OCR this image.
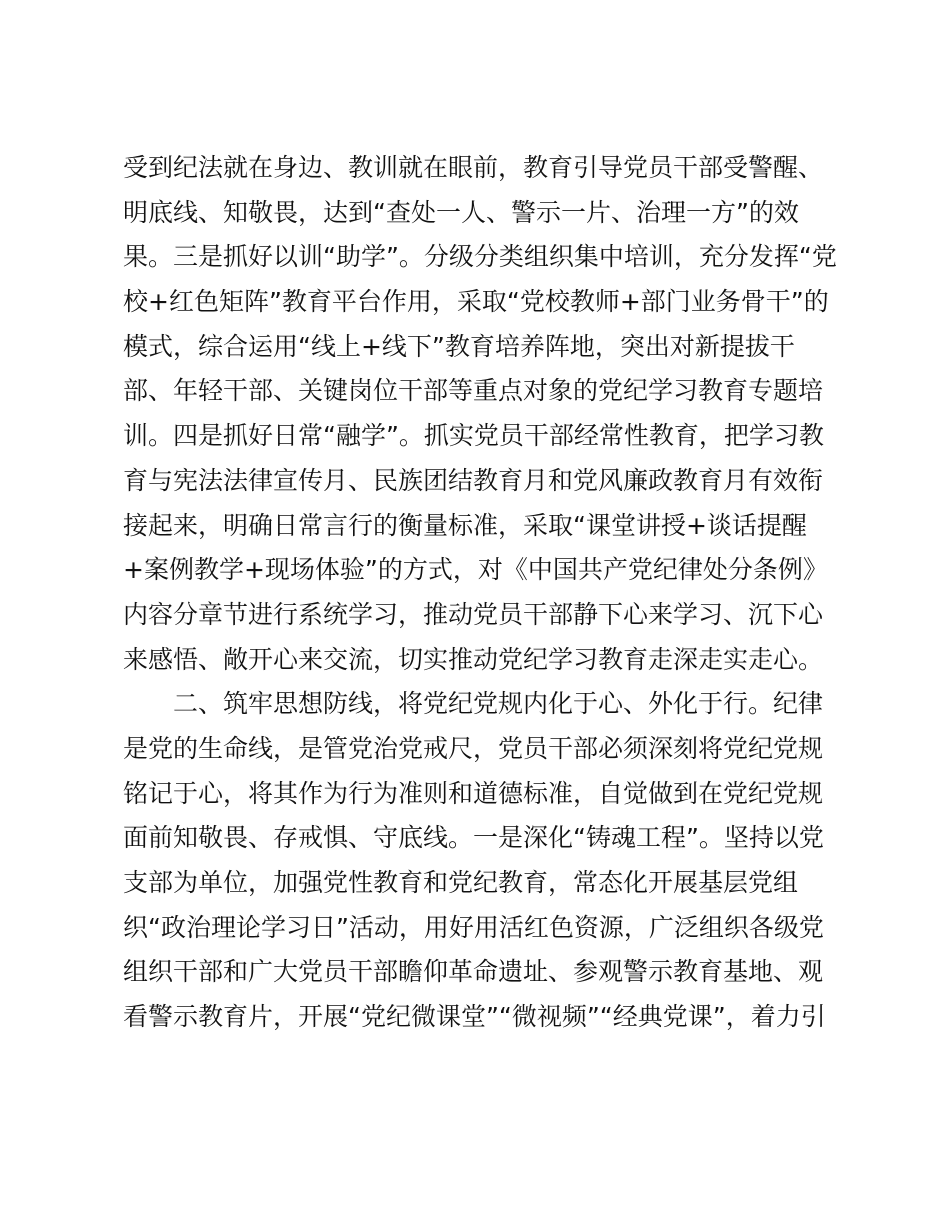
受到纪法就在身边、教训就在眼前，教育引导党员干部受警醒、
明底线、知敬畏，达到“查处一人、警示一片、治理一方”的效
果。三是抓好以训“助学”。分级分类组织集中培训，充分发挥“党
校+红色矩阵”教育平台作用，采取“党校教师+部门业务骨干”的
模式，综合运用“线上+线下”教育培养阵地，突出对新提拔干
部、年轻干部、关键岗位干部等重点对象的党纪学习教育专题培
训。四是抓好日常“融学”。抓实党员干部经常性教育，把学习教
育与宪法法律宣传月、民族团结教育月和党风廉政教育月有效衔
接起来，明确日常言行的衡量标准，采取“课堂讲授+谈话提醒
+案例教学+现场体验”的方式，对《中国共产党纪律处分条例》
内容分章节进行系统学习，推动党员干部静下心来学习、沉下心
来感悟、敞开心来交流，切实推动党纪学习教育走深走实走心。
二、筑牢思想防线，将党纪党规内化于心、外化于行。纪律
是党的生命线，是管党治党戒尺，党员干部必须深刻将党纪党规
铭记于心，将其作为行为准则和道德标准，自觉做到在党纪党规
面前知敬畏、存戒惧、守底线。一是深化“铸魂工程”。坚持以党
支部为单位，加强党性教育和党纪教育，常态化开展基层党组
织“政治理论学习日”活动，用好用活红色资源，广泛组织各级党
组织干部和广大党员干部瞻仰革命遗址、参观警示教育基地、观
看警示教育片，开展“党纪微课堂”“微视频”“经典党课”，着力引
